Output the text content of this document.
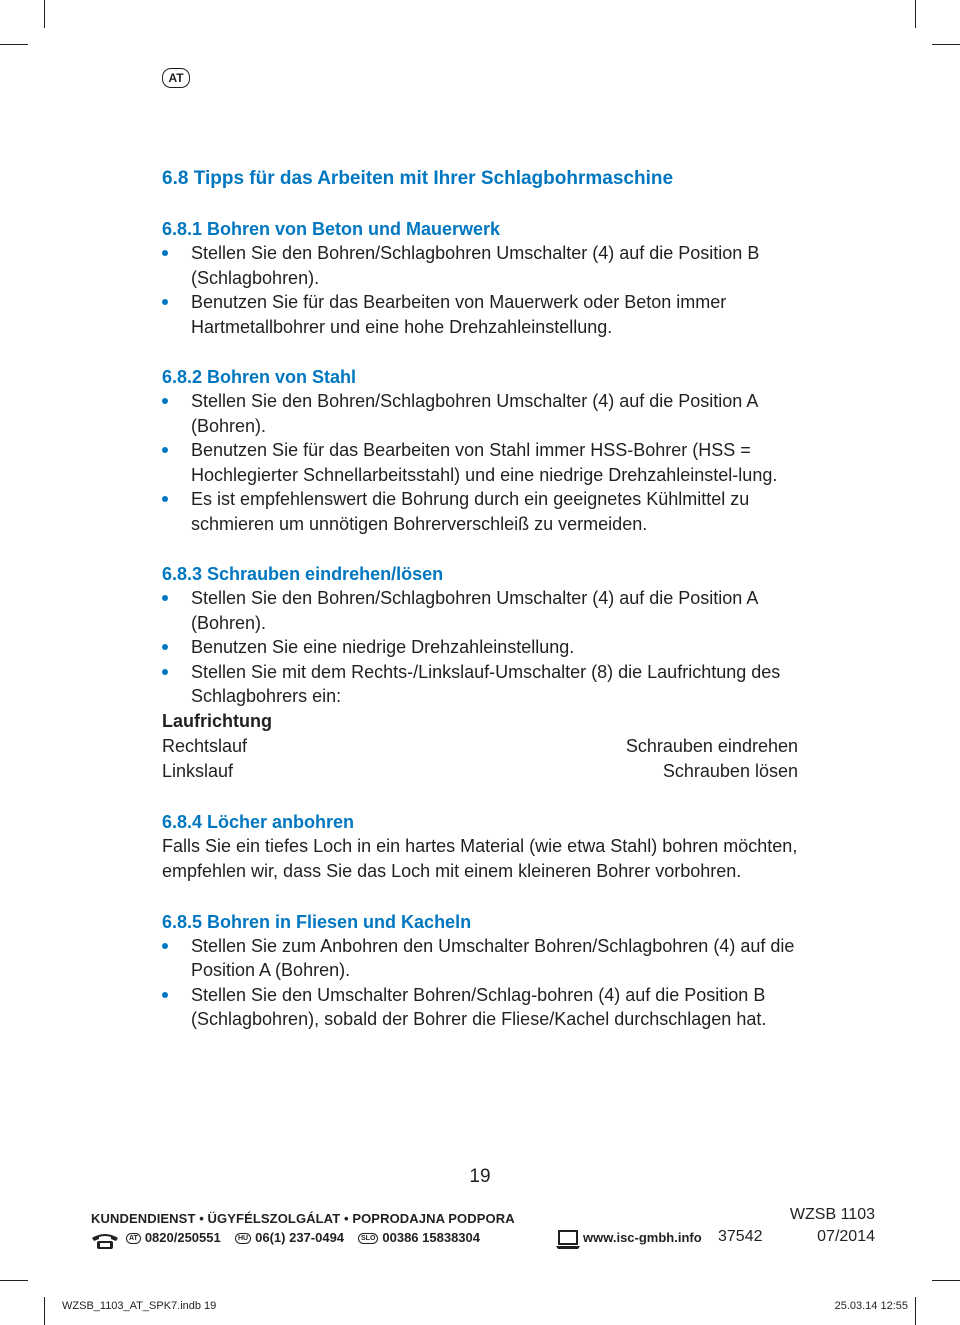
AT
6.8 Tipps für das Arbeiten mit Ihrer Schlagbohrmaschine
6.8.1 Bohren von Beton und Mauerwerk
Stellen Sie den Bohren/Schlagbohren Umschalter (4) auf die Position B (Schlagbohren).
Benutzen Sie für das Bearbeiten von Mauerwerk oder Beton immer Hartmetallbohrer und eine hohe Drehzahleinstellung.
6.8.2 Bohren von Stahl
Stellen Sie den Bohren/Schlagbohren Umschalter (4) auf die Position A (Bohren).
Benutzen Sie für das Bearbeiten von Stahl immer HSS-Bohrer (HSS = Hochlegierter Schnellarbeitsstahl) und eine niedrige Drehzahleinstel-lung.
Es ist empfehlenswert die Bohrung durch ein geeignetes Kühlmittel zu schmieren um unnötigen Bohrerverschleiß zu vermeiden.
6.8.3 Schrauben eindrehen/lösen
Stellen Sie den Bohren/Schlagbohren Umschalter (4) auf die Position A (Bohren).
Benutzen Sie eine niedrige Drehzahleinstellung.
Stellen Sie mit dem Rechts-/Linkslauf-Umschalter (8) die Laufrichtung des Schlagbohrers ein:
Laufrichtung
Rechtslauf	Schrauben eindrehen
Linkslauf	Schrauben lösen
6.8.4 Löcher anbohren

Falls Sie ein tiefes Loch in ein hartes Material (wie etwa Stahl) bohren möchten, empfehlen wir, dass Sie das Loch mit einem kleineren Bohrer vorbohren.

6.8.5 Bohren in Fliesen und Kacheln
Stellen Sie zum Anbohren den Umschalter Bohren/Schlagbohren (4) auf die Position A (Bohren).
Stellen Sie den Umschalter Bohren/Schlag-bohren (4) auf die Position B (Schlagbohren), sobald der Bohrer die Fliese/Kachel durchschlagen hat.
19
KUNDENDIENST • ÜGYFÉLSZOLGÁLAT • POPRODAJNA PODPORA
AT 0820/250551	HU 06(1) 237-0494	SLO 00386 15838304	www.isc-gmbh.info 37542
WZSB 1103
07/2014
WZSB_1103_AT_SPK7.indb 19	25.03.14 12:55
